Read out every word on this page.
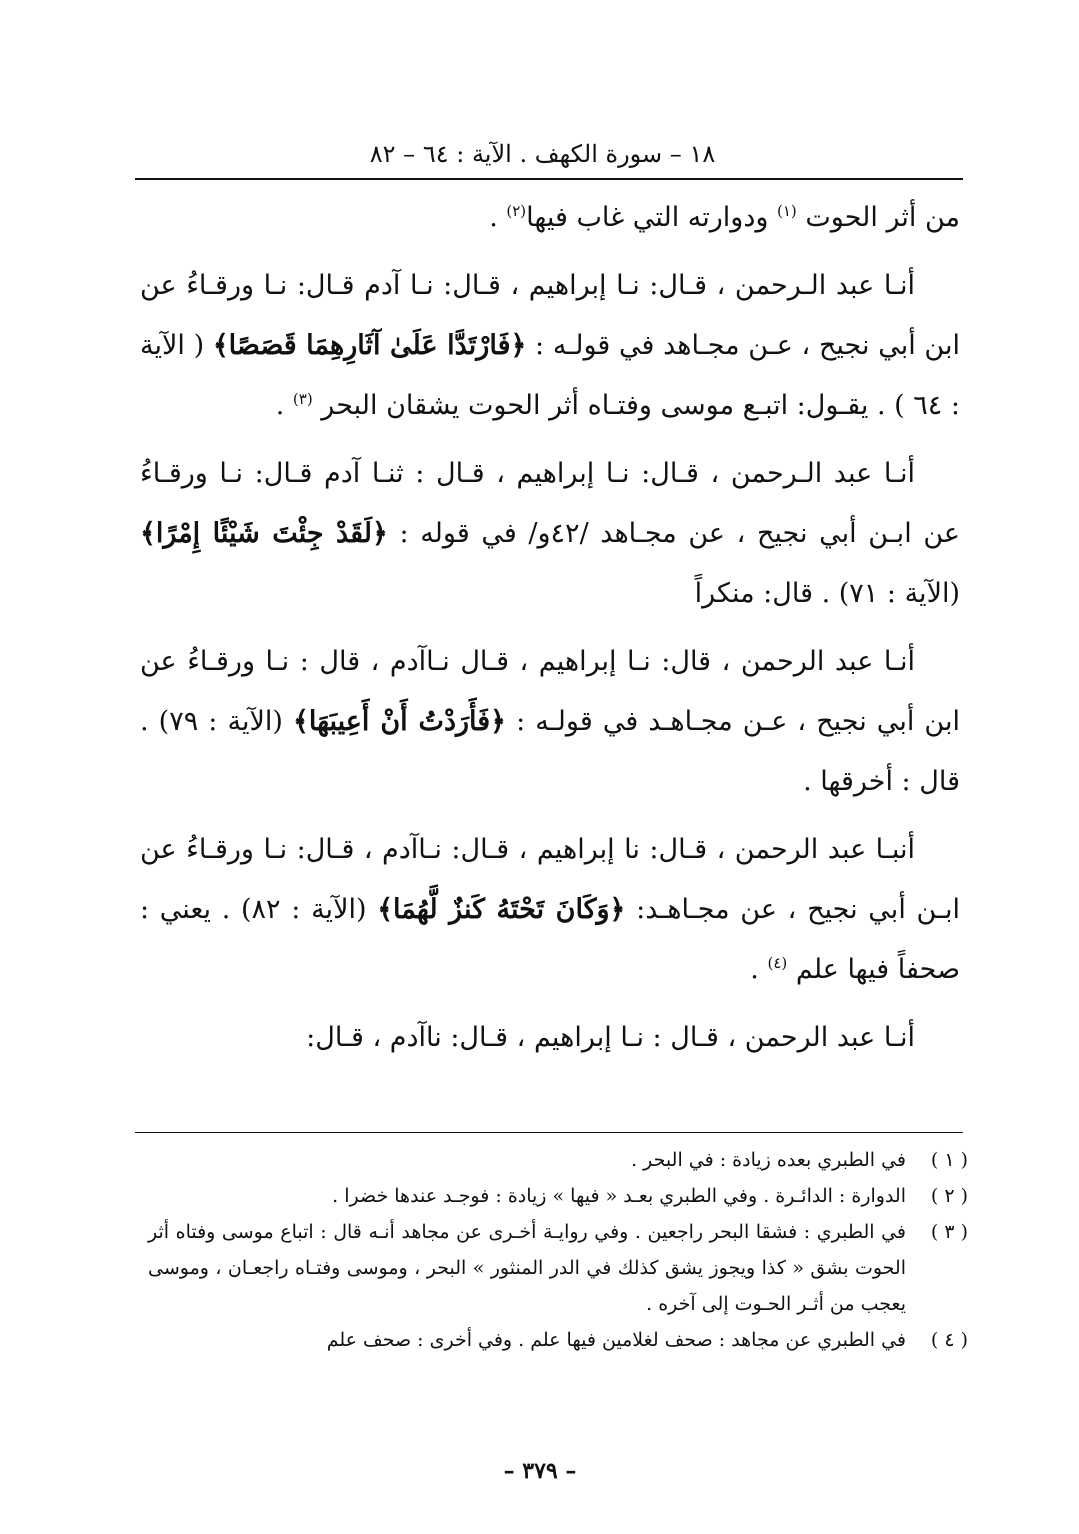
١٨ – سورة الكهف . الآية : ٦٤ – ٨٢

من أثر الحوت $^{(١)}$ ودوارته التي غاب فيها$^{(٢)}$ .

أنـا عبد الـرحمن ، قـال: نـا إبراهيم ، قـال: نـا آدم قـال: نـا ورقـاءُ عن ابن أبي نجيح ، عـن مجـاهد في قولـه : ﴿فَارْتَدَّا عَلَىٰ آثَارِهِمَا قَصَصًا﴾ ( الآية : ٦٤ ) . يقـول: اتبـع موسى وفتـاه أثر الحوت يشقان البحر $^{(٣)}$ .

أنـا عبد الـرحمن ، قـال: نـا إبراهيم ، قـال : ثنـا آدم قـال: نـا ورقـاءُ عن ابـن أبي نجيح ، عن مجـاهد /٤٢و/ في قوله : ﴿لَقَدْ جِئْتَ شَيْئًا إِمْرًا﴾ (الآية : ٧١) . قال: منكراً

أنـا عبد الرحمن ، قال: نـا إبراهيم ، قـال نـاآدم ، قال : نـا ورقـاءُ عن ابن أبي نجيح ، عـن مجـاهـد في قولـه : ﴿فَأَرَدْتُ أَنْ أَعِيبَهَا﴾ (الآية : ٧٩) . قال : أخرقها .

أنبـا عبد الرحمن ، قـال: نا إبراهيم ، قـال: نـاآدم ، قـال: نـا ورقـاءُ عن ابـن أبي نجيح ، عن مجـاهـد: ﴿وَكَانَ تَحْتَهُ كَنزٌ لَّهُمَا﴾ (الآية : ٨٢) . يعني : صحفاً فيها علم $^{(٤)}$ .

أنـا عبد الرحمن ، قـال : نـا إبراهيم ، قـال: ناآدم ، قـال:

( ١ )
في الطبري بعده زيادة : في البحر .
( ٢ )
الدوارة : الدائـرة . وفي الطبري بعـد « فيها » زيادة : فوجـد عندها خضرا .
( ٣ )
في الطبري : فشقا البحر راجعين . وفي روايـة أخـرى عن مجاهد أنـه قال : اتباع موسى وفتاه أثر الحوت بشق « كذا ويجوز يشق كذلك في الدر المنثور » البحر ، وموسى وفتـاه راجعـان ، وموسى يعجب من أثـر الحـوت إلى آخره .
( ٤ )
في الطبري عن مجاهد : صحف لغلامين فيها علم . وفي أخرى : صحف علم
– ٣٧٩ –
